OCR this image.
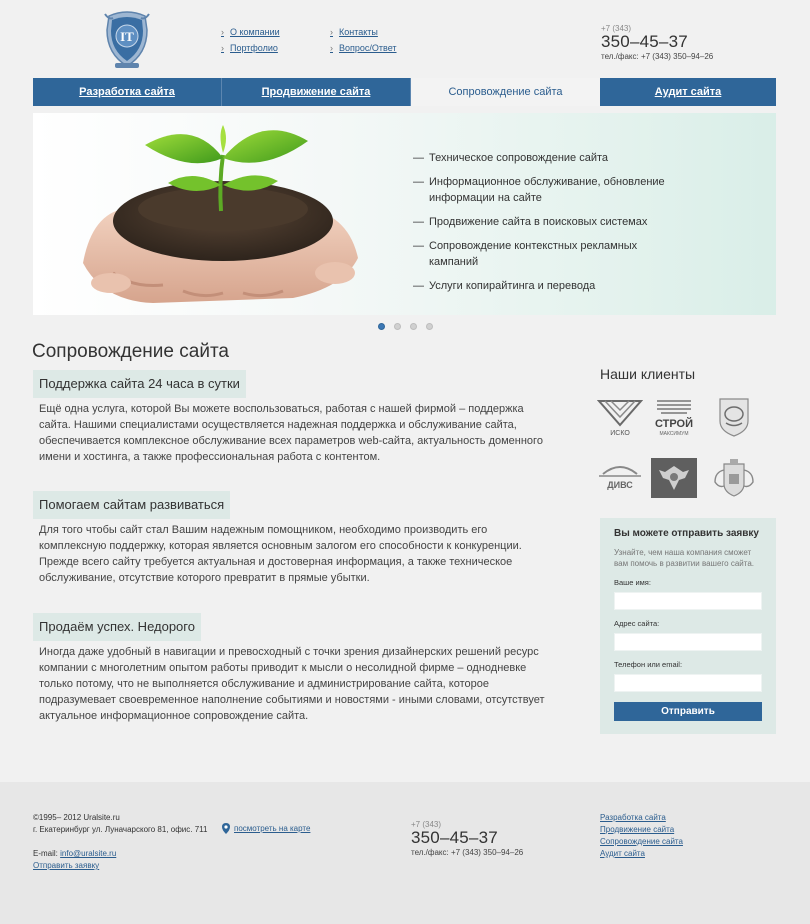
IT
›	О компании
› Портфолио
› Контакты
› Вопрос/Ответ
+7 (343)
350–45–37
тел./факс: +7 (343) 350–94–26
Разработка сайта	Продвижение сайта	Сопровождение сайта	Аудит сайта
— Техническое сопровождение сайта
— Информационное обслуживание, обновление информации на сайте
— Продвижение сайта в поисковых системах
— Сопровождение контекстных рекламных кампаний
— Услуги копирайтинга и перевода
Сопровождение сайта
Поддержка сайта 24 часа в сутки

Ещё одна услуга, которой Вы можете воспользоваться, работая с нашей фирмой – поддержка сайта. Нашими специалистами осуществляется надежная поддержка и обслуживание сайта, обеспечивается комплексное обслуживание всех параметров web-сайта, актуальность доменного имени и хостинга, а также профессиональная работа с контентом.

Помогаем сайтам развиваться

Для того чтобы сайт стал Вашим надежным помощником, необходимо производить его комплексную поддержку, которая является основным залогом его способности к конкуренции. Прежде всего сайту требуется актуальная и достоверная информация, а также техническое обслуживание, отсутствие которого превратит в прямые убытки.

Продаём успех. Недорого

Иногда даже удобный в навигации и превосходный с точки зрения дизайнерских решений ресурс компании с многолетним опытом работы приводит к мысли о несолидной фирме – однодневке только потому, что не выполняется обслуживание и администрирование сайта, которое подразумевает своевременное наполнение событиями и новостями - иными словами, отсутствует актуальное информационное сопровождение сайта.

Наши клиенты
ИСКО
СТРОЙ
МАКСИМУМ
ДИВС
Вы можете отправить заявку
Узнайте, чем наша компания сможет вам помочь в развитии вашего сайта.
Ваше имя:
Адрес сайта:
Телефон или email:
Отправить
©1995– 2012 Uralsite.ru
г. Екатеринбург ул. Луначарского 81, офис. 711
E-mail: info@uralsite.ru
Отправить заявку
посмотреть на карте	+7 (343)
350–45–37
тел./факс: +7 (343) 350–94–26
Разработка сайта
Продвижение сайта
Сопровождение сайта
Аудит сайта
